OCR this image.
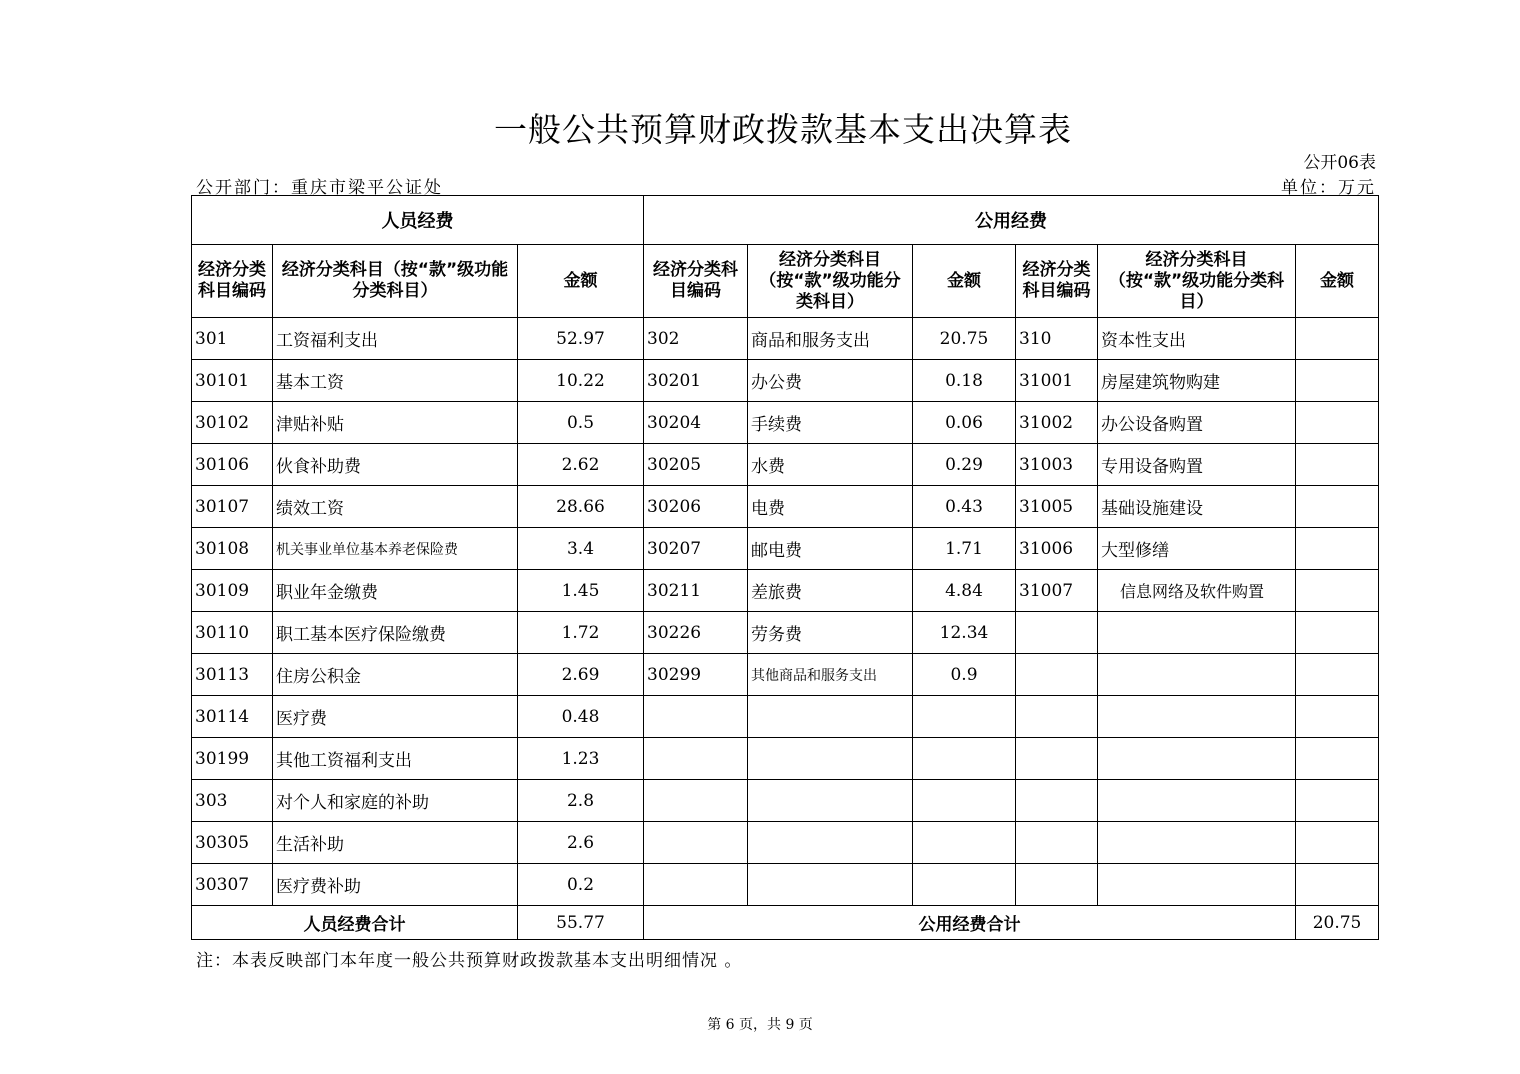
一般公共预算财政拨款基本支出决算表
公开06表
公开部门：重庆市梁平公证处	单位：万元
人员经费			公用经费					
经济分类科目编码	经济分类科目（按“款”级功能分类科目）	金额	经济分类科目编码	经济分类科目（按“款”级功能分类科目）	金额	经济分类科目编码	经济分类科目（按“款”级功能分类科目）	金额
301	工资福利支出	52.97	302	商品和服务支出	20.75	310	资本性支出	
30101	基本工资	10.22	30201	办公费	0.18	31001	房屋建筑物购建	
30102	津贴补贴	0.5	30204	手续费	0.06	31002	办公设备购置	
30106	伙食补助费	2.62	30205	水费	0.29	31003	专用设备购置	
30107	绩效工资	28.66	30206	电费	0.43	31005	基础设施建设	
30108	机关事业单位基本养老保险费	3.4	30207	邮电费	1.71	31006	大型修缮	
30109	职业年金缴费	1.45	30211	差旅费	4.84	31007	信息网络及软件购置	
30110	职工基本医疗保险缴费	1.72	30226	劳务费	12.34			
30113	住房公积金	2.69	30299	其他商品和服务支出	0.9			
30114	医疗费	0.48						
30199	其他工资福利支出	1.23						
303	对个人和家庭的补助	2.8						
30305	生活补助	2.6						
30307	医疗费补助	0.2						
人员经费合计		55.77	公用经费合计					20.75
注：本表反映部门本年度一般公共预算财政拨款基本支出明细情况 。
第 6 页，共 9 页
